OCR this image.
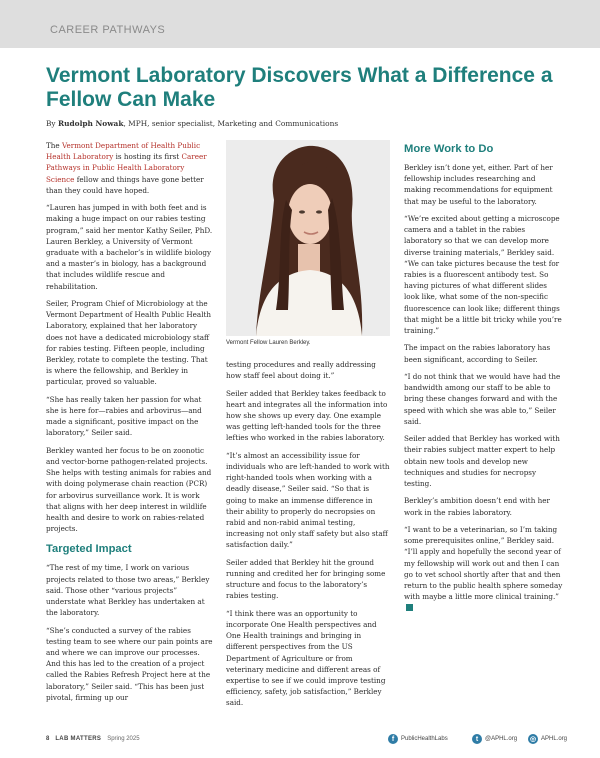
CAREER PATHWAYS
Vermont Laboratory Discovers What a Difference a Fellow Can Make
By Rudolph Nowak, MPH, senior specialist, Marketing and Communications

The Vermont Department of Health Public Health Laboratory is hosting its first Career Pathways in Public Health Laboratory Science fellow and things have gone better than they could have hoped.

“Lauren has jumped in with both feet and is making a huge impact on our rabies testing program,” said her mentor Kathy Seiler, PhD. Lauren Berkley, a University of Vermont graduate with a bachelor’s in wildlife biology and a master’s in biology, has a background that includes wildlife rescue and rehabilitation.

Seiler, Program Chief of Microbiology at the Vermont Department of Health Public Health Laboratory, explained that her laboratory does not have a dedicated microbiology staff for rabies testing. Fifteen people, including Berkley, rotate to complete the testing. That is where the fellowship, and Berkley in particular, proved so valuable.

“She has really taken her passion for what she is here for—rabies and arbovirus—and made a significant, positive impact on the laboratory,” Seiler said.

Berkley wanted her focus to be on zoonotic and vector-borne pathogen-related projects. She helps with testing animals for rabies and with doing polymerase chain reaction (PCR) for arbovirus surveillance work. It is work that aligns with her deep interest in wildlife health and desire to work on rabies-related projects.

Targeted Impact

“The rest of my time, I work on various projects related to those two areas,” Berkley said. Those other “various projects” understate what Berkley has undertaken at the laboratory.

“She’s conducted a survey of the rabies testing team to see where our pain points are and where we can improve our processes. And this has led to the creation of a project called the Rabies Refresh Project here at the laboratory,” Seiler said. “This has been just pivotal, firming up our

Vermont Fellow Lauren Berkley.

testing procedures and really addressing how staff feel about doing it.”

Seiler added that Berkley takes feedback to heart and integrates all the information into how she shows up every day. One example was getting left-handed tools for the three lefties who worked in the rabies laboratory.

“It’s almost an accessibility issue for individuals who are left-handed to work with right-handed tools when working with a deadly disease,” Seiler said. “So that is going to make an immense difference in their ability to properly do necropsies on rabid and non-rabid animal testing, increasing not only staff safety but also staff satisfaction daily.”

Seiler added that Berkley hit the ground running and credited her for bringing some structure and focus to the laboratory’s rabies testing.

“I think there was an opportunity to incorporate One Health perspectives and One Health trainings and bringing in different perspectives from the US Department of Agriculture or from veterinary medicine and different areas of expertise to see if we could improve testing efficiency, safety, job satisfaction,” Berkley said.

More Work to Do

Berkley isn’t done yet, either. Part of her fellowship includes researching and making recommendations for equipment that may be useful to the laboratory.

“We’re excited about getting a microscope camera and a tablet in the rabies laboratory so that we can develop more diverse training materials,” Berkley said. “We can take pictures because the test for rabies is a fluorescent antibody test. So having pictures of what different slides look like, what some of the non-specific fluorescence can look like; different things that might be a little bit tricky while you’re training.”

The impact on the rabies laboratory has been significant, according to Seiler.

“I do not think that we would have had the bandwidth among our staff to be able to bring these changes forward and with the speed with which she was able to,” Seiler said.

Seiler added that Berkley has worked with their rabies subject matter expert to help obtain new tools and develop new techniques and studies for necropsy testing.

Berkley’s ambition doesn’t end with her work in the rabies laboratory.

“I want to be a veterinarian, so I’m taking some prerequisites online,” Berkley said. “I’ll apply and hopefully the second year of my fellowship will work out and then I can go to vet school shortly after that and then return to the public health sphere someday with maybe a little more clinical training.”

8 LAB MATTERS Spring 2025	f	PublicHealthLabs	t	@APHL.org ◎ APHL.org
